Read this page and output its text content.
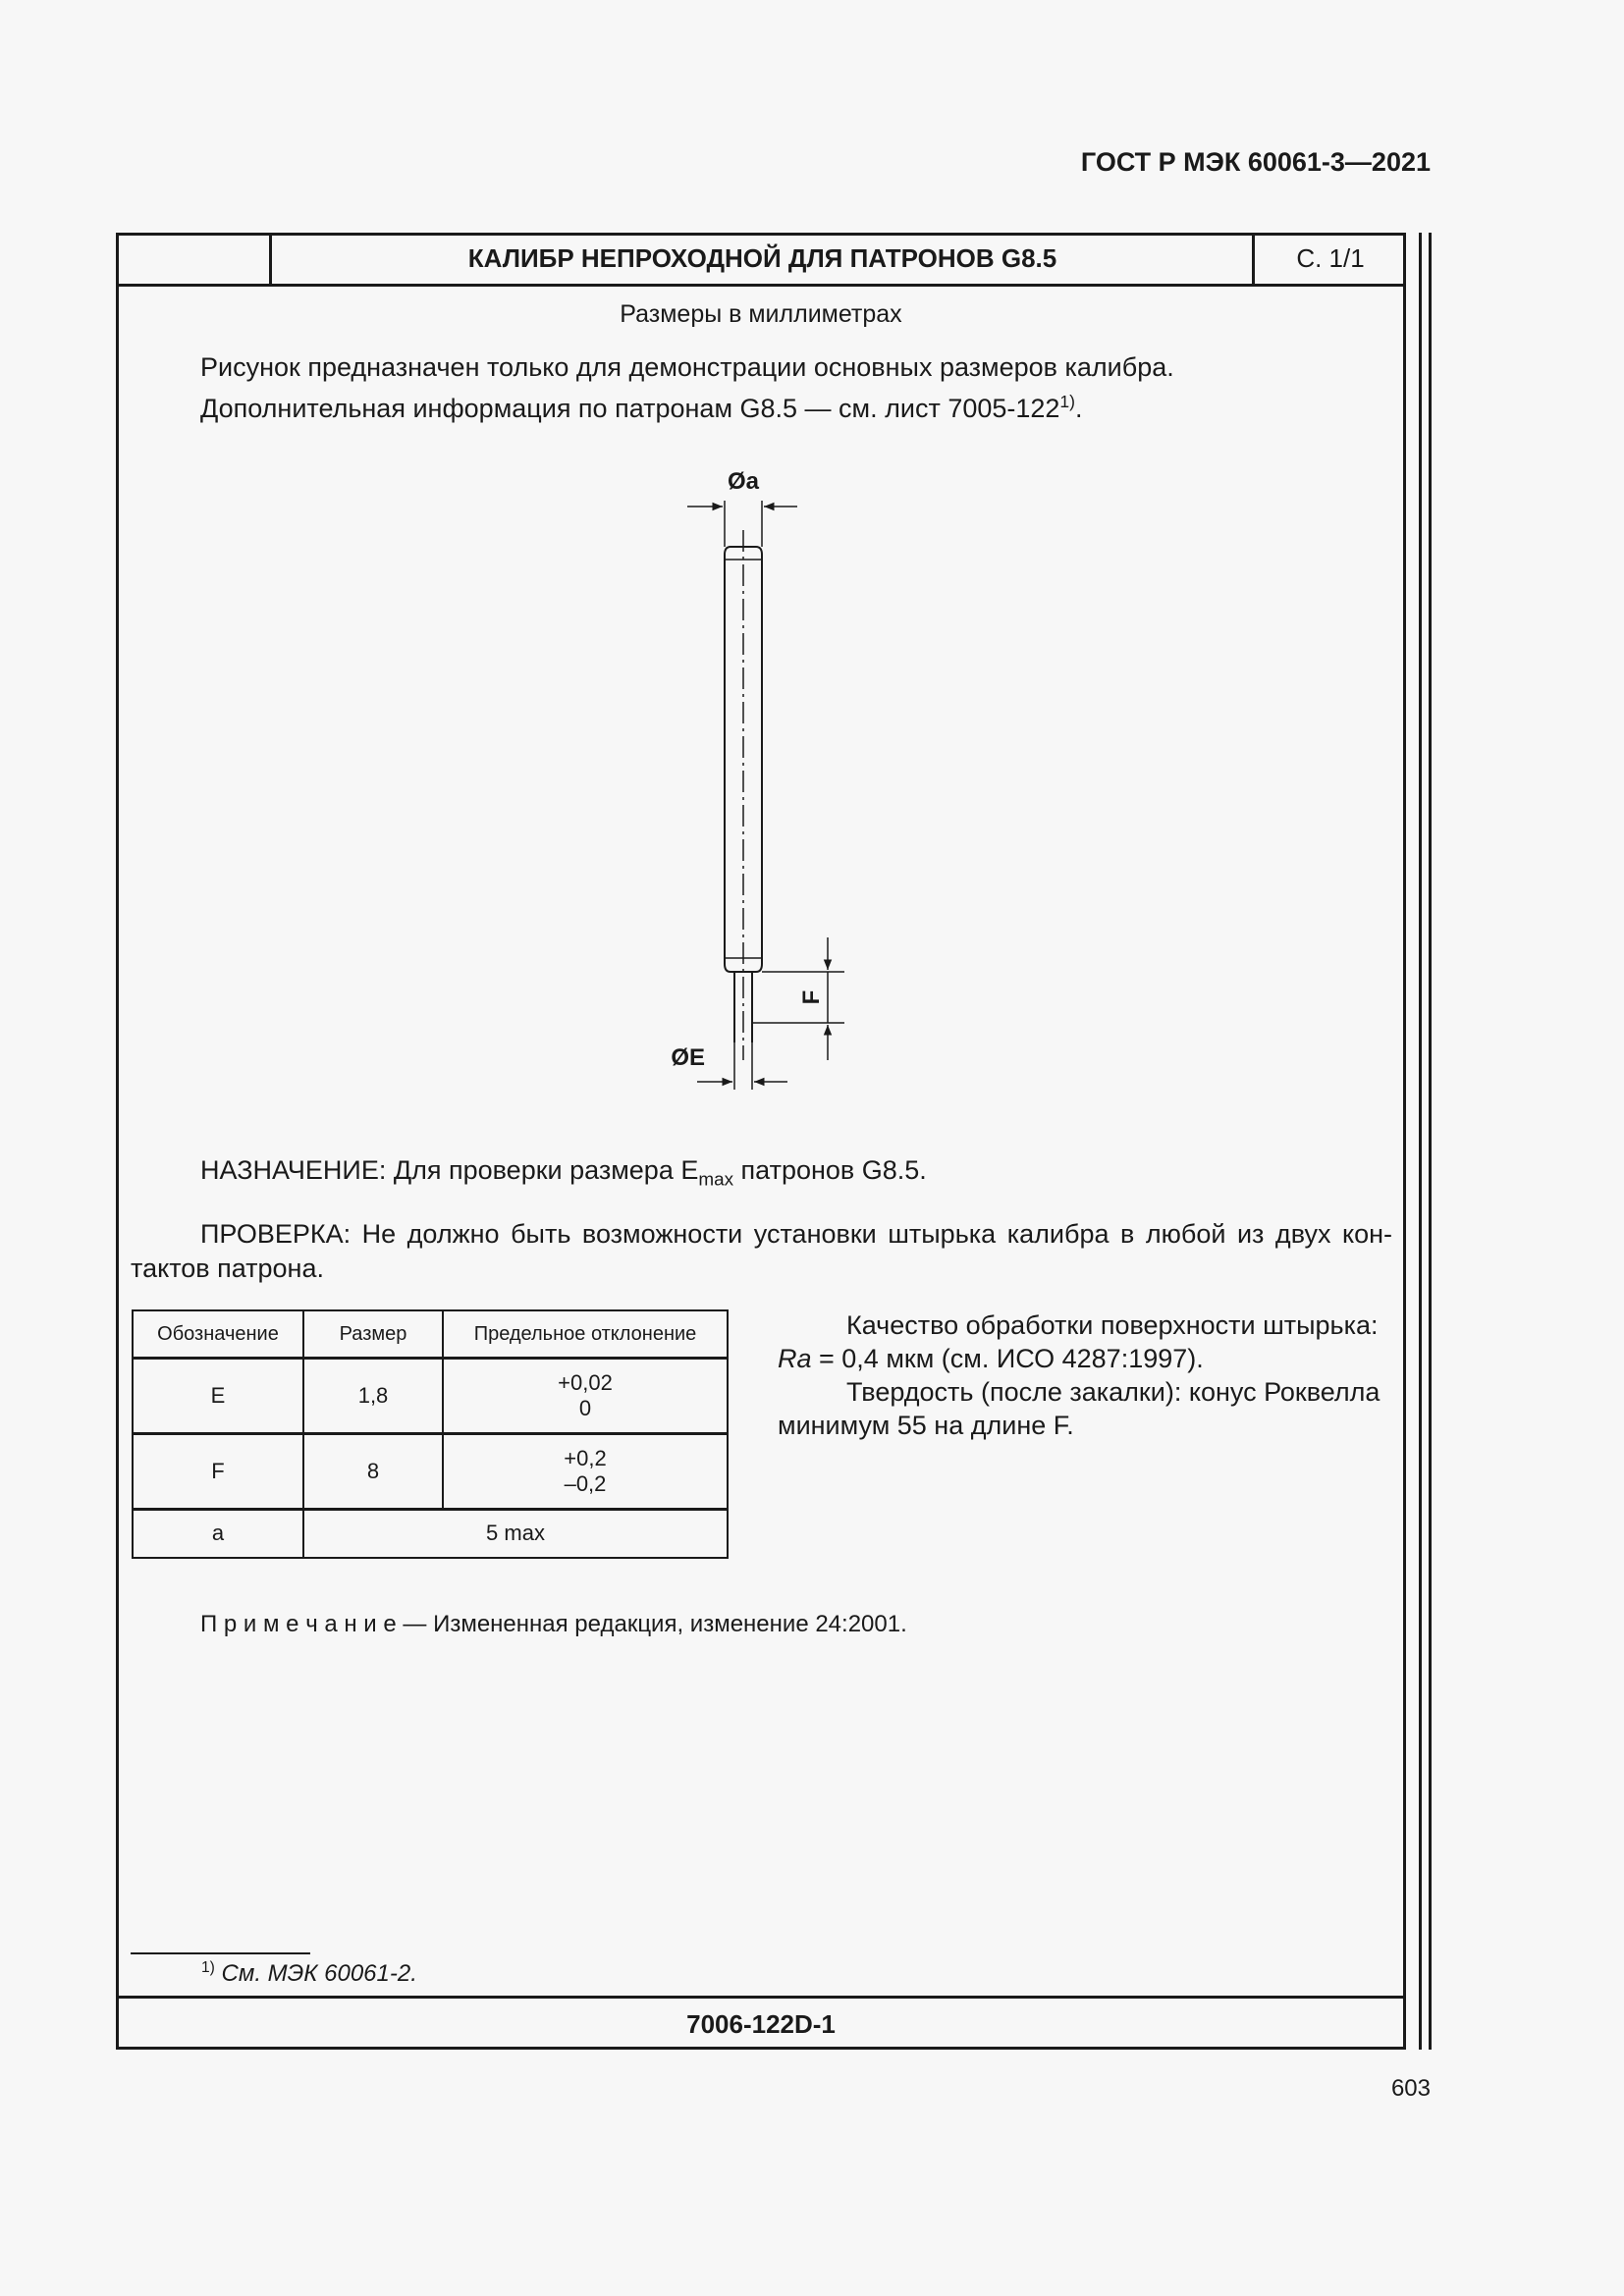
ГОСТ Р МЭК 60061-3—2021
КАЛИБР НЕПРОХОДНОЙ ДЛЯ ПАТРОНОВ G8.5	С. 1/1
Размеры в миллиметрах
Рисунок предназначен только для демонстрации основных размеров калибра.
Дополнительная информация по патронам G8.5 — см. лист 7005-122$^{1)}$.
Øa
ØE
F
НАЗНАЧЕНИЕ: Для проверки размера $E_{max}$ патронов G8.5.
ПРОВЕРКА: Не должно быть возможности установки штырька калибра в любой из двух кон-
тактов патрона.
Обозначение	Размер	Предельное отклонение
E	1,8	+0,02
0

F	8	+0,2
–0,2

a	5 max	

Качество обработки поверхности штырька:

Ra = 0,4 мкм (см. ИСО 4287:1997).

Твердость (после закалки): конус Роквелла

минимум 55 на длине F.

П р и м е ч а н и е — Измененная редакция, изменение 24:2001.
$^{1)}$ См. МЭК 60061-2.
7006-122D-1
603
